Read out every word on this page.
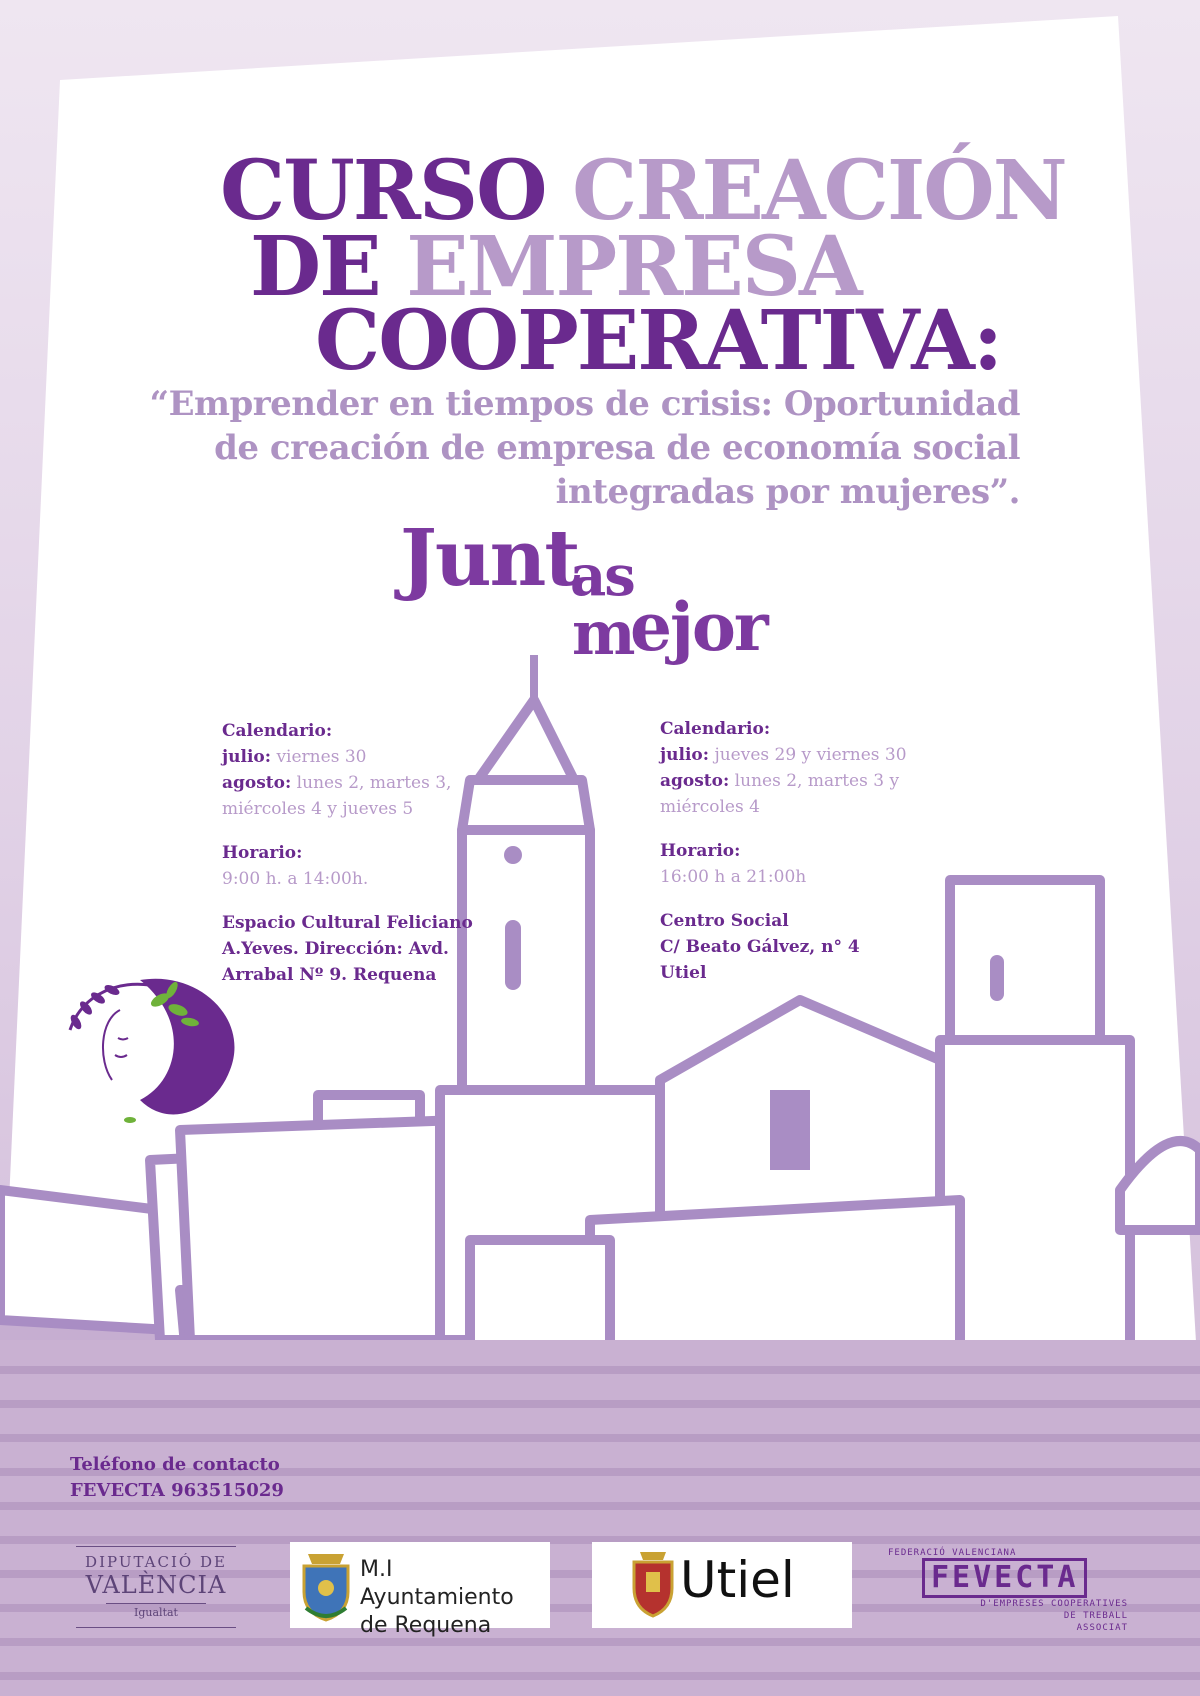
CURSO CREACIÓN
DE EMPRESA
COOPERATIVA:
“Emprender en tiempos de crisis: Oportunidad
de creación de empresa de economía social
integradas por mujeres”.
Junt
as
m
ejor
Calendario:
julio: viernes 30
agosto: lunes 2, martes 3,
miércoles 4 y jueves 5
Horario:
9:00 h. a 14:00h.
Espacio Cultural Feliciano
A.Yeves. Dirección: Avd.
Arrabal Nº 9. Requena
Calendario:
julio: jueves 29 y viernes 30
agosto: lunes 2, martes 3 y
miércoles 4
Horario:
16:00 h a 21:00h
Centro Social
C/ Beato Gálvez, n° 4
Utiel
Teléfono de contacto
FEVECTA 963515029
DIPUTACIÓ DE
VALÈNCIA
Igualtat
M.I Ayuntamiento
de Requena
Utiel	FEDERACIÓ VALENCIANA
FEVECTA
D'EMPRESES COOPERATIVES
DE TREBALL
ASSOCIAT
